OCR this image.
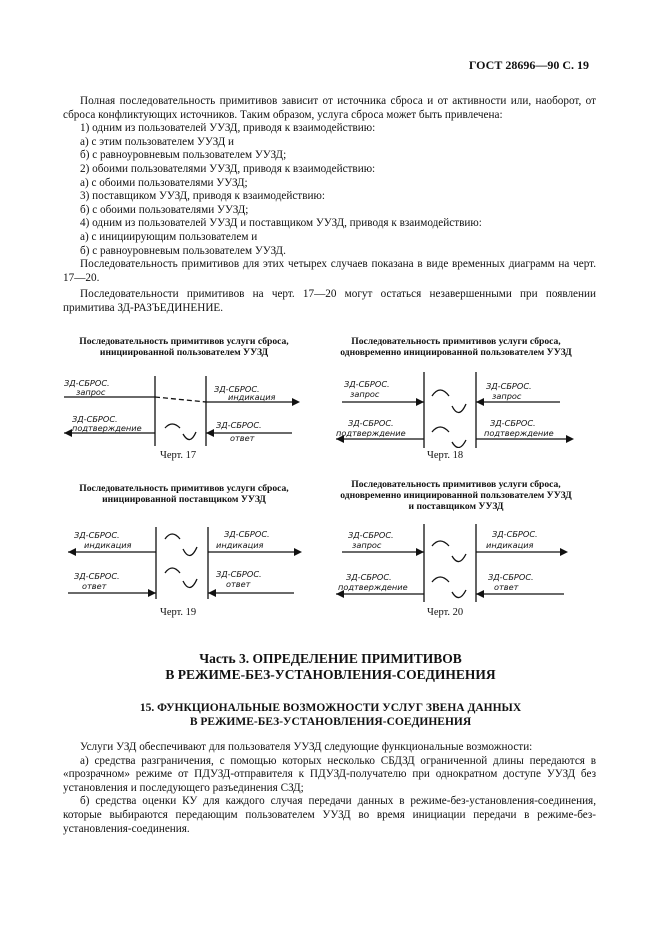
ГОСТ 28696—90 С. 19

Полная последовательность примитивов зависит от источника сброса и от активности или, наоборот, от сброса конфликтующих источников. Таким образом, услуга сброса может быть привлечена:

1) одним из пользователей УУЗД, приводя к взаимодействию:

а) с этим пользователем УУЗД и

б) с равноуровневым пользователем УУЗД;

2) обоими пользователями УУЗД, приводя к взаимодействию:

а) с обоими пользователями УУЗД;

3) поставщиком УУЗД, приводя к взаимодействию:

б) с обоими пользователями УУЗД;

4) одним из пользователей УУЗД и поставщиком УУЗД, приводя к взаимодействию:

а) с инициирующим пользователем и

б) с равноуровневым пользователем УУЗД.

Последовательность примитивов для этих четырех случаев показана в виде временных диаграмм на черт. 17—20.

Последовательности примитивов на черт. 17—20 могут остаться незавершенными при появлении примитива ЗД-РАЗЪЕДИНЕНИЕ.

Последовательность примитивов услуги сброса,
инициированной пользователем УУЗД
ЗД-СБРОС.
запрос	ЗД-СБРОС.
индикация
ЗД-СБРОС.
подтверждение	ЗД-СБРОС.
ответ
Черт. 17
Последовательность примитивов услуги сброса,
одновременно инициированной пользователем УУЗД
ЗД-СБРОС.
запрос
ЗД-СБРОС.
запрос
ЗД-СБРОС.
подтверждение
ЗД-СБРОС.
подтверждение
Черт. 18
Последовательность примитивов услуги сброса,
инициированной поставщиком УУЗД
ЗД-СБРОС.
индикация
ЗД-СБРОС.
индикация
ЗД-СБРОС.
ответ
ЗД-СБРОС.
ответ
Черт. 19
Последовательность примитивов услуги сброса,
одновременно инициированной пользователем УУЗД
и поставщиком УУЗД
ЗД-СБРОС.
запрос
ЗД-СБРОС.
индикация
ЗД-СБРОС.
подтверждение
ЗД-СБРОС.
ответ
Черт. 20
Часть 3. ОПРЕДЕЛЕНИЕ ПРИМИТИВОВ
В РЕЖИМЕ-БЕЗ-УСТАНОВЛЕНИЯ-СОЕДИНЕНИЯ
15. ФУНКЦИОНАЛЬНЫЕ ВОЗМОЖНОСТИ УСЛУГ ЗВЕНА ДАННЫХ
В РЕЖИМЕ-БЕЗ-УСТАНОВЛЕНИЯ-СОЕДИНЕНИЯ

Услуги УЗД обеспечивают для пользователя УУЗД следующие функциональные возможности:

а) средства разграничения, с помощью которых несколько СБДЗД ограниченной длины передаются в «прозрачном» режиме от ПДУЗД-отправителя к ПДУЗД-получателю при однократном доступе УУЗД без установления и последующего разъединения СЗД;

б) средства оценки КУ для каждого случая передачи данных в режиме-без-установления-соединения, которые выбираются передающим пользователем УУЗД во время инициации передачи в режиме-без-установления-соединения.
